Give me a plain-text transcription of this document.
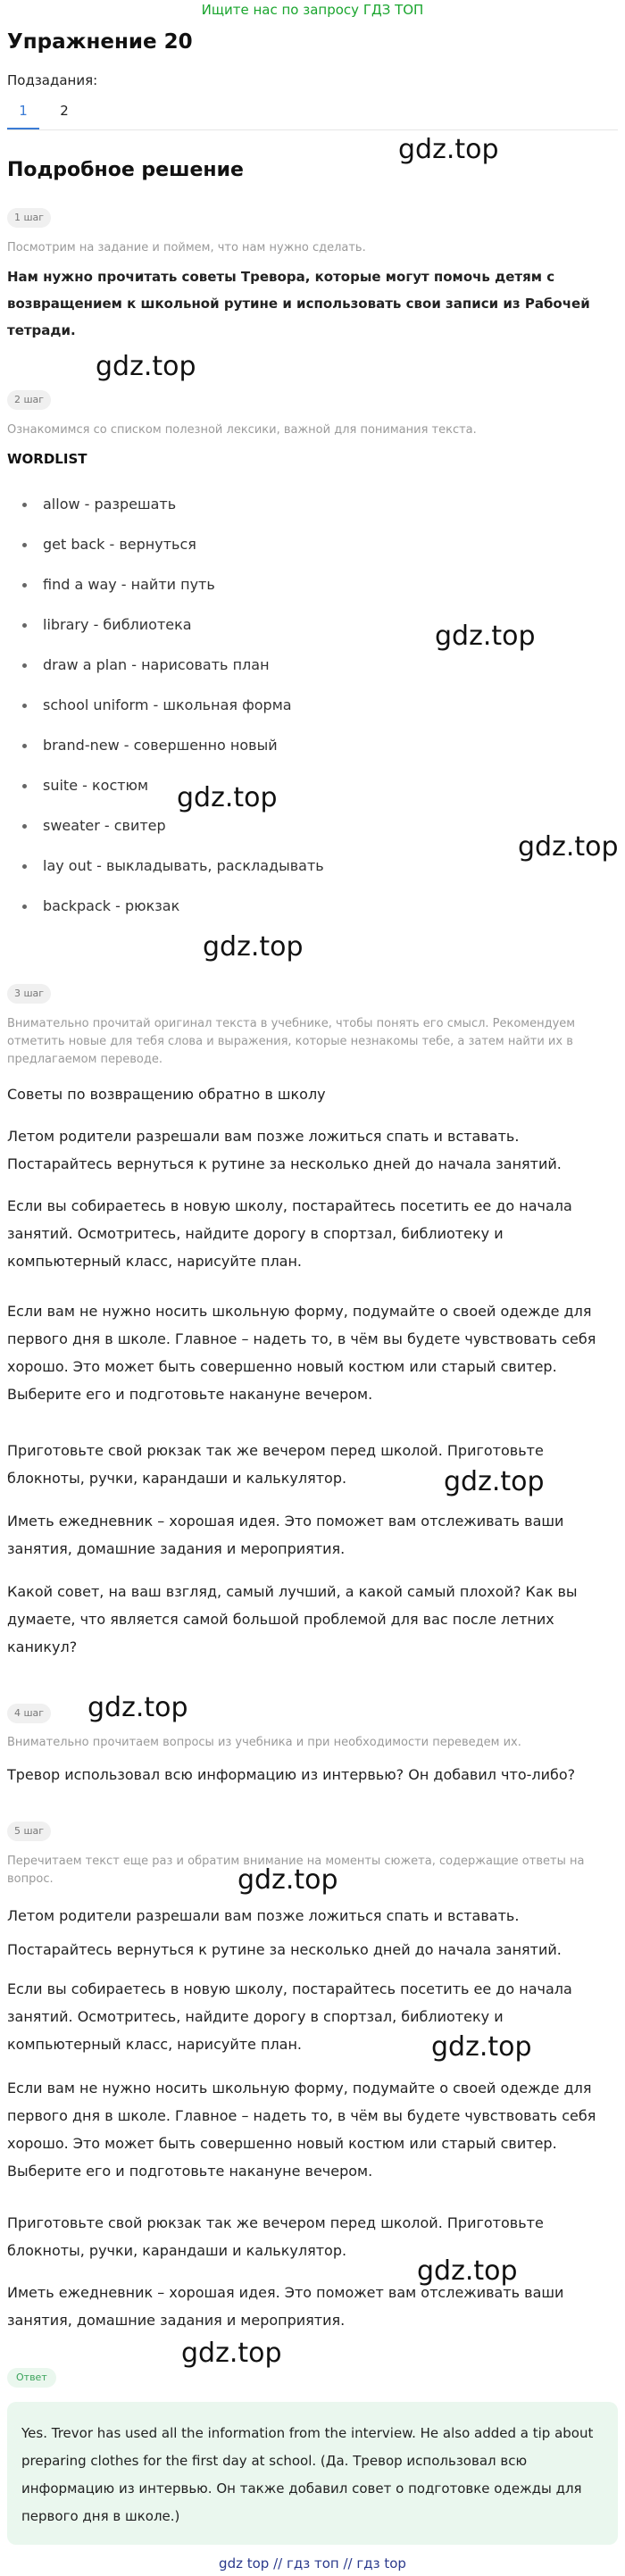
Ищите нас по запросу ГДЗ ТОП
Упражнение 20
Подзадания:
1	2
Подробное решение
1 шаг
Посмотрим на задание и поймем, что нам нужно сделать.
Нам нужно прочитать советы Тревора, которые могут помочь детям с возвращением к школьной рутине и использовать свои записи из Рабочей тетради.
2 шаг
Ознакомимся со списком полезной лексики, важной для понимания текста.
WORDLIST
allow - разрешать
get back - вернуться
find a way - найти путь
library - библиотека
draw a plan - нарисовать план
school uniform - школьная форма
brand-new - совершенно новый
suite - костюм
sweater - свитер
lay out - выкладывать, раскладывать
backpack - рюкзак
3 шаг
Внимательно прочитай оригинал текста в учебнике, чтобы понять его смысл. Рекомендуем отметить новые для тебя слова и выражения, которые незнакомы тебе, а затем найти их в предлагаемом переводе.
Советы по возвращению обратно в школу
Летом родители разрешали вам позже ложиться спать и вставать. Постарайтесь вернуться к рутине за несколько дней до начала занятий.
Если вы собираетесь в новую школу, постарайтесь посетить ее до начала занятий. Осмотритесь, найдите дорогу в спортзал, библиотеку и компьютерный класс, нарисуйте план.
Если вам не нужно носить школьную форму, подумайте о своей одежде для первого дня в школе. Главное – надеть то, в чём вы будете чувствовать себя хорошо. Это может быть совершенно новый костюм или старый свитер. Выберите его и подготовьте накануне вечером.
Приготовьте свой рюкзак так же вечером перед школой. Приготовьте блокноты, ручки, карандаши и калькулятор.
Иметь ежедневник – хорошая идея. Это поможет вам отслеживать ваши занятия, домашние задания и мероприятия.
Какой совет, на ваш взгляд, самый лучший, а какой самый плохой? Как вы думаете, что является самой большой проблемой для вас после летних каникул?
4 шаг
Внимательно прочитаем вопросы из учебника и при необходимости переведем их.
Тревор использовал всю информацию из интервью? Он добавил что-либо?
5 шаг
Перечитаем текст еще раз и обратим внимание на моменты сюжета, содержащие ответы на вопрос.
Летом родители разрешали вам позже ложиться спать и вставать.
Постарайтесь вернуться к рутине за несколько дней до начала занятий.
Если вы собираетесь в новую школу, постарайтесь посетить ее до начала занятий. Осмотритесь, найдите дорогу в спортзал, библиотеку и компьютерный класс, нарисуйте план.
Если вам не нужно носить школьную форму, подумайте о своей одежде для первого дня в школе. Главное – надеть то, в чём вы будете чувствовать себя хорошо. Это может быть совершенно новый костюм или старый свитер. Выберите его и подготовьте накануне вечером.
Приготовьте свой рюкзак так же вечером перед школой. Приготовьте блокноты, ручки, карандаши и калькулятор.
Иметь ежедневник – хорошая идея. Это поможет вам отслеживать ваши занятия, домашние задания и мероприятия.
Ответ
Yes. Trevor has used all the information from the interview. He also added a tip about preparing clothes for the first day at school. (Да. Тревор использовал всю информацию из интервью. Он также добавил совет о подготовке одежды для первого дня в школе.)
gdz.top
gdz.top
gdz.top
gdz.top
gdz.top
gdz.top
gdz.top
gdz.top
gdz.top
gdz.top
gdz.top
gdz.top
gdz top // гдз топ // гдз top
